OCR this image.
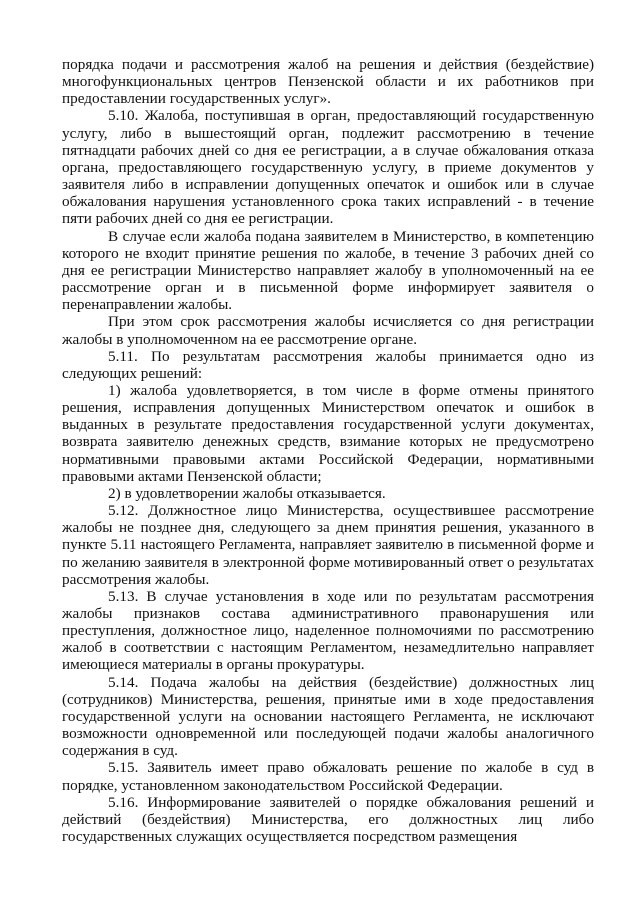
порядка подачи и рассмотрения жалоб на решения и действия (бездействие) многофункциональных центров Пензенской области и их работников при предоставлении государственных услуг».

5.10. Жалоба, поступившая в орган, предоставляющий государственную услугу, либо в вышестоящий орган, подлежит рассмотрению в течение пятнадцати рабочих дней со дня ее регистрации, а в случае обжалования отказа органа, предоставляющего государственную услугу, в приеме документов у заявителя либо в исправлении допущенных опечаток и ошибок или в случае обжалования нарушения установленного срока таких исправлений - в течение пяти рабочих дней со дня ее регистрации.

В случае если жалоба подана заявителем в Министерство, в компетенцию которого не входит принятие решения по жалобе, в течение 3 рабочих дней со дня ее регистрации Министерство направляет жалобу в уполномоченный на ее рассмотрение орган и в письменной форме информирует заявителя о перенаправлении жалобы.

При этом срок рассмотрения жалобы исчисляется со дня регистрации жалобы в уполномоченном на ее рассмотрение органе.

5.11. По результатам рассмотрения жалобы принимается одно из следующих решений:

1) жалоба удовлетворяется, в том числе в форме отмены принятого решения, исправления допущенных Министерством опечаток и ошибок в выданных в результате предоставления государственной услуги документах, возврата заявителю денежных средств, взимание которых не предусмотрено нормативными правовыми актами Российской Федерации, нормативными правовыми актами Пензенской области;

2) в удовлетворении жалобы отказывается.

5.12. Должностное лицо Министерства, осуществившее рассмотрение жалобы не позднее дня, следующего за днем принятия решения, указанного в пункте 5.11 настоящего Регламента, направляет заявителю в письменной форме и по желанию заявителя в электронной форме мотивированный ответ о результатах рассмотрения жалобы.

5.13. В случае установления в ходе или по результатам рассмотрения жалобы признаков состава административного правонарушения или преступления, должностное лицо, наделенное полномочиями по рассмотрению жалоб в соответствии с настоящим Регламентом, незамедлительно направляет имеющиеся материалы в органы прокуратуры.

5.14. Подача жалобы на действия (бездействие) должностных лиц (сотрудников) Министерства, решения, принятые ими в ходе предоставления государственной услуги на основании настоящего Регламента, не исключают возможности одновременной или последующей подачи жалобы аналогичного содержания в суд.

5.15. Заявитель имеет право обжаловать решение по жалобе в суд в порядке, установленном законодательством Российской Федерации.

5.16. Информирование заявителей о порядке обжалования решений и действий (бездействия) Министерства, его должностных лиц либо государственных служащих осуществляется посредством размещения
